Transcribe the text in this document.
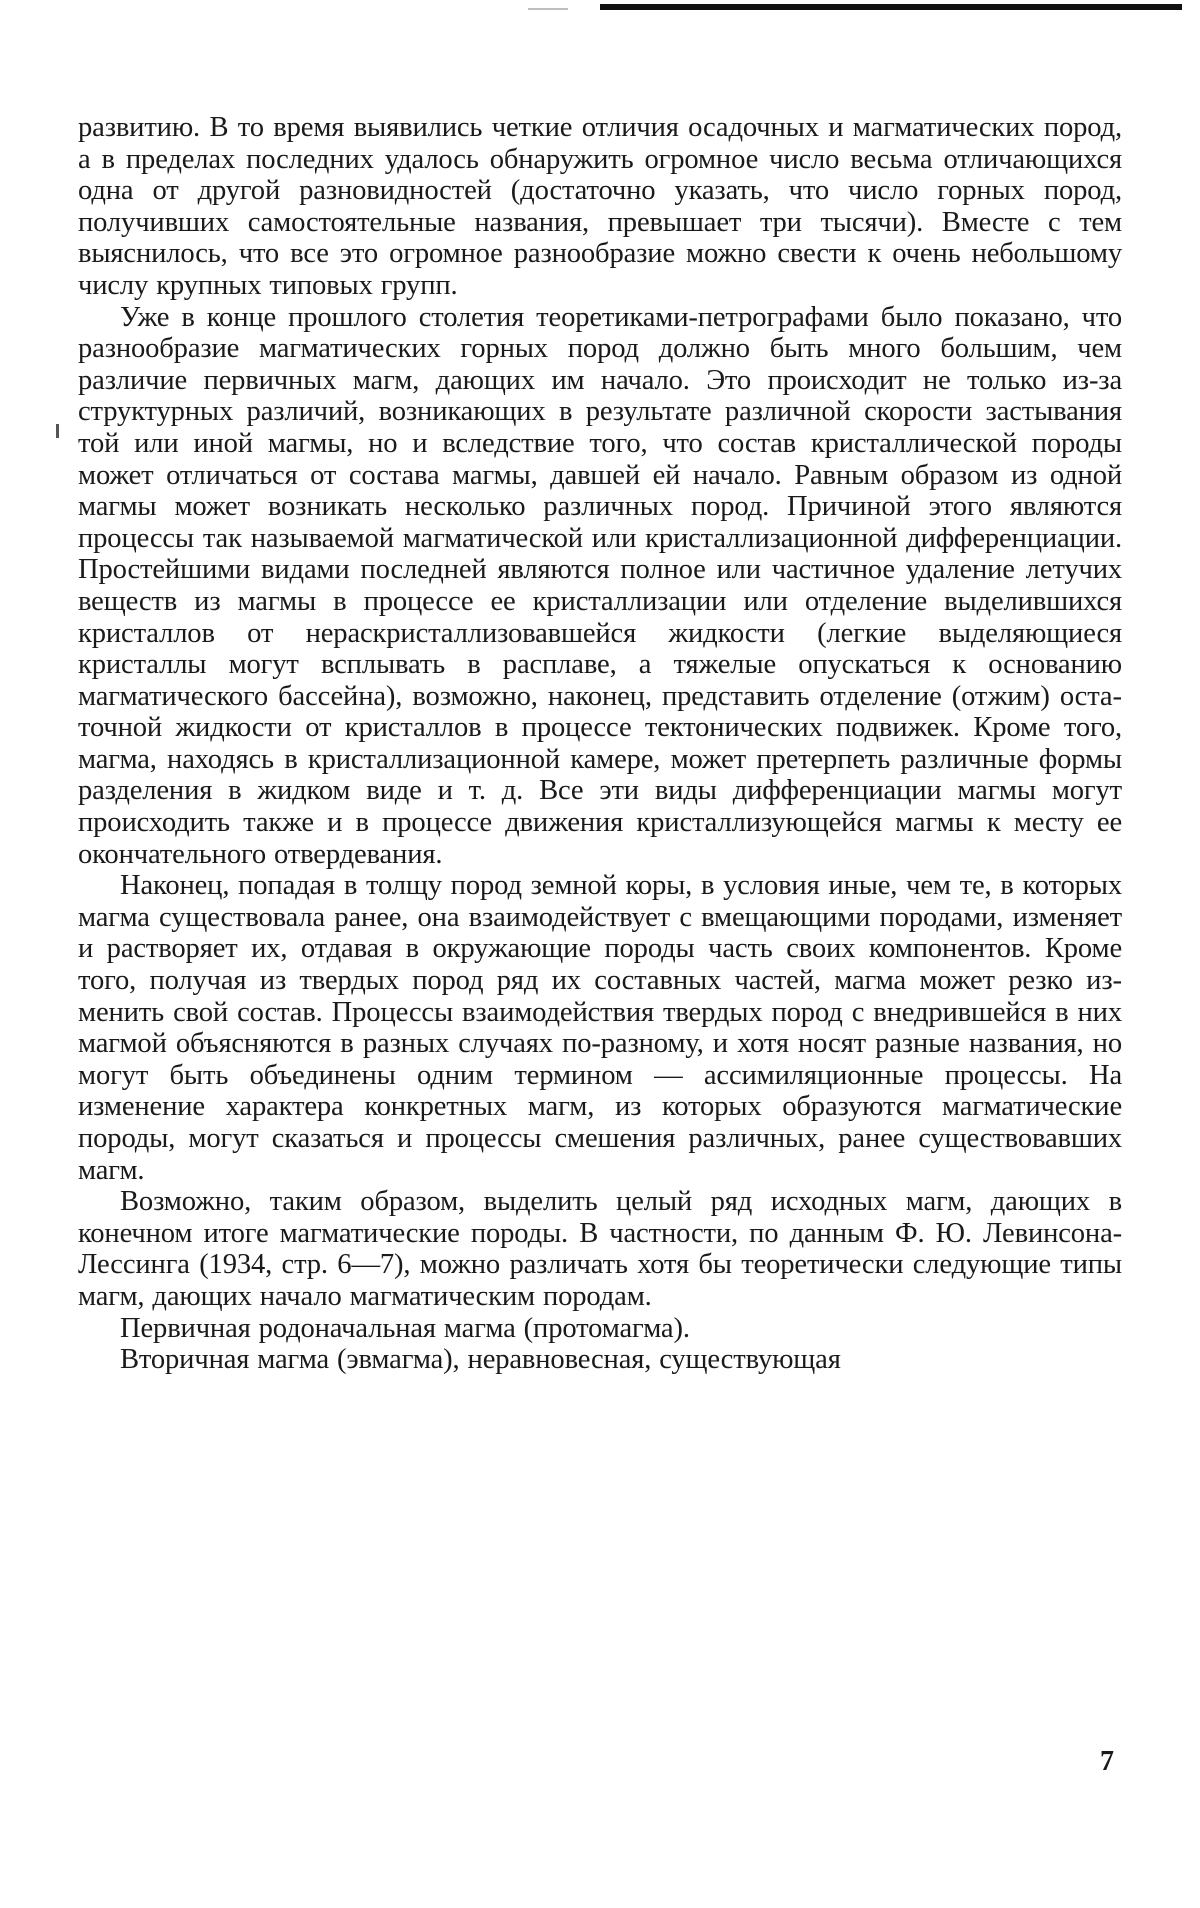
развитию. В то время выявились четкие отличия осадочных и магматических пород, а в пределах последних удалось обнаружить огромное число весьма отличающихся одна от другой разновидностей (достаточно указать, что число горных пород, получивших самостоятельные названия, превышает три тысячи). Вместе с тем выяснилось, что все это огромное разнообразие можно свести к очень небольшому числу крупных типовых групп.

Уже в конце прошлого столетия теоретиками-петрографами было показано, что разнообразие магматических горных пород должно быть много большим, чем различие первичных магм, дающих им начало. Это происходит не только из-за структурных различий, возникающих в результате различной скорости застывания той или иной магмы, но и вследствие того, что состав кристаллической породы может отличаться от состава магмы, давшей ей начало. Равным образом из одной магмы может возникать несколько различных пород. Причиной этого являются процессы так называемой магматической или кристаллизационной дифференциации. Простейшими видами последней являются полное или частичное удаление летучих веществ из магмы в процессе ее кристаллизации или отделение выделившихся кристаллов от нераскристаллизовавшейся жидкости (легкие выделяющиеся кристаллы могут всплывать в расплаве, а тяжелые опускаться к основанию магматического бассейна), возможно, наконец, представить отделение (отжим) остаточной жидкости от кристаллов в процессе тектонических подвижек. Кроме того, магма, находясь в кристаллизационной камере, может претерпеть различные формы разделения в жидком виде и т. д. Все эти виды дифференциации магмы могут происходить также и в процессе движения кристаллизующейся магмы к месту ее окончательного отвердевания.

Наконец, попадая в толщу пород земной коры, в условия иные, чем те, в которых магма существовала ранее, она взаимодействует с вмещающими породами, изменяет и растворяет их, отдавая в окружающие породы часть своих компонентов. Кроме того, получая из твердых пород ряд их составных частей, магма может резко изменить свой состав. Процессы взаимодействия твердых пород с внедрившейся в них магмой объясняются в разных случаях по-разному, и хотя носят разные названия, но могут быть объединены одним термином — ассимиляционные процессы. На изменение характера конкретных магм, из которых образуются магматические породы, могут сказаться и процессы смешения различных, ранее существовавших магм.

Возможно, таким образом, выделить целый ряд исходных магм, дающих в конечном итоге магматические породы. В частности, по данным Ф. Ю. Левинсона-Лессинга (1934, стр. 6—7), можно различать хотя бы теоретически следующие типы магм, дающих начало магматическим породам.

Первичная родоначальная магма (протомагма).

Вторичная магма (эвмагма), неравновесная, существующая

7
